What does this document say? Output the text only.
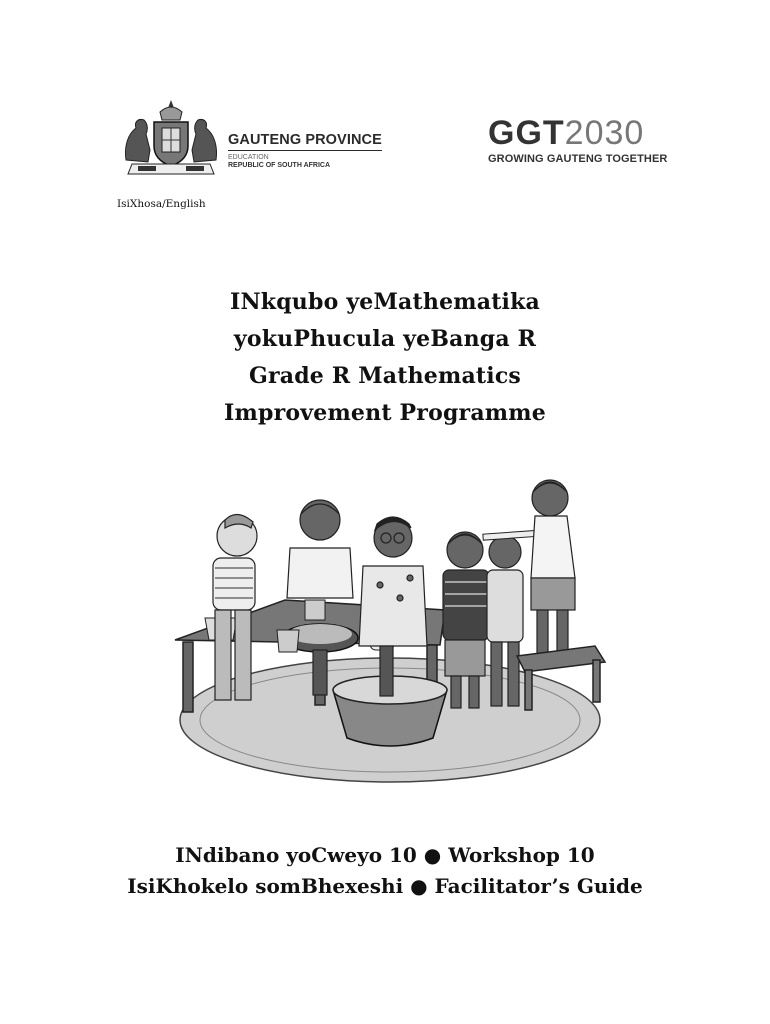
GAUTENG PROVINCE
EDUCATION
REPUBLIC OF SOUTH AFRICA
GGT2030
GROWING GAUTENG TOGETHER
IsiXhosa/English
INkqubo yeMathematika
yokuPhucula yeBanga R
Grade R Mathematics
Improvement Programme
INdibano yoCweyo 10 ● Workshop 10
IsiKhokelo somBhexeshi ● Facilitator’s Guide
